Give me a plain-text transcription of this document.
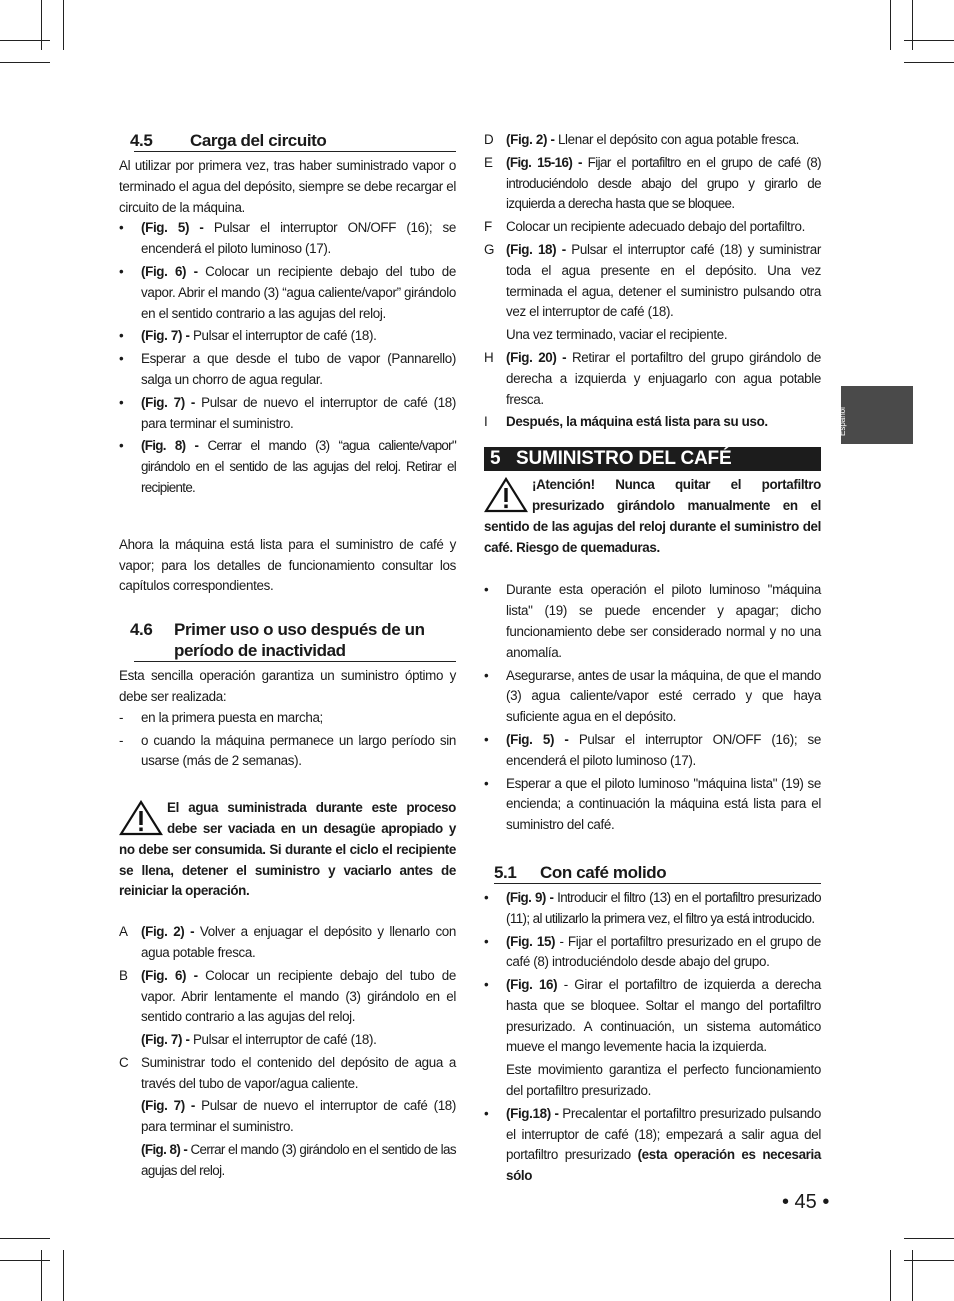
Español
4.5 Carga del circuito

Al utilizar por primera vez, tras haber suministrado vapor o terminado el agua del depósito, siempre se debe recargar el circuito de la máquina.

• (Fig. 5) - Pulsar el interruptor ON/OFF (16); se encenderá el piloto luminoso (17).
• (Fig. 6) - Colocar un recipiente debajo del tubo de vapor. Abrir el mando (3) “agua caliente/vapor” girándolo en el sentido contrario a las agujas del reloj.
• (Fig. 7) - Pulsar el interruptor de café (18).
• Esperar a que desde el tubo de vapor (Pannarello) salga un chorro de agua regular.
• (Fig. 7) - Pulsar de nuevo el interruptor de café (18) para terminar el suministro.
• (Fig. 8) - Cerrar el mando (3) “agua caliente/vapor" girándolo en el sentido de las agujas del reloj. Retirar el recipiente.

Ahora la máquina está lista para el suministro de café y vapor; para los detalles de funcionamiento consultar los capítulos correspondientes.

4.6 Primer uso o uso después de un período de inactividad

Esta sencilla operación garantiza un suministro óptimo y debe ser realizada:

- en la primera puesta en marcha;
- o cuando la máquina permanece un largo período sin usarse (más de 2 semanas).
El agua suministrada durante este proceso debe ser vaciada en un desagüe apropiado y no debe ser consumida. Si durante el ciclo el recipiente se llena, detener el suministro y vaciarlo antes de reiniciar la operación.
A (Fig. 2) - Volver a enjuagar el depósito y llenarlo con agua potable fresca.
B (Fig. 6) - Colocar un recipiente debajo del tubo de vapor. Abrir lentamente el mando (3) girándolo en el sentido contrario a las agujas del reloj.
(Fig. 7) - Pulsar el interruptor de café (18).
C Suministrar todo el contenido del depósito de agua a través del tubo de vapor/agua caliente.
(Fig. 7) - Pulsar de nuevo el interruptor de café (18) para terminar el suministro.
(Fig. 8) - Cerrar el mando (3) girándolo en el sentido de las agujas del reloj.
D (Fig. 2) - Llenar el depósito con agua potable fresca.
E (Fig. 15-16) - Fijar el portafiltro en el grupo de café (8) introduciéndolo desde abajo del grupo y girarlo de izquierda a derecha hasta que se bloquee.
F Colocar un recipiente adecuado debajo del portafiltro.
G (Fig. 18) - Pulsar el interruptor café (18) y suministrar toda el agua presente en el depósito. Una vez terminada el agua, detener el suministro pulsando otra vez el interruptor de café (18).
Una vez terminado, vaciar el recipiente.
H (Fig. 20) - Retirar el portafiltro del grupo girándolo de derecha a izquierda y enjuagarlo con agua potable fresca.
I Después, la máquina está lista para su uso.
5 SUMINISTRO DEL CAFÉ
¡Atención! Nunca quitar el portafiltro presurizado girándolo manualmente en el sentido de las agujas del reloj durante el suministro del café. Riesgo de quemaduras.
• Durante esta operación el piloto luminoso "máquina lista" (19) se puede encender y apagar; dicho funcionamiento debe ser considerado normal y no una anomalía.
• Asegurarse, antes de usar la máquina, de que el mando (3) agua caliente/vapor esté cerrado y que haya suficiente agua en el depósito.
• (Fig. 5) - Pulsar el interruptor ON/OFF (16); se encenderá el piloto luminoso (17).
• Esperar a que el piloto luminoso "máquina lista" (19) se encienda; a continuación la máquina está lista para el suministro del café.
5.1 Con café molido
• (Fig. 9) - Introducir el filtro (13) en el portafiltro presurizado (11); al utilizarlo la primera vez, el filtro ya está introducido.
• (Fig. 15) - Fijar el portafiltro presurizado en el grupo de café (8) introduciéndolo desde abajo del grupo.
• (Fig. 16) - Girar el portafiltro de izquierda a derecha hasta que se bloquee. Soltar el mango del portafiltro presurizado. A continuación, un sistema automático mueve el mango levemente hacia la izquierda.
Este movimiento garantiza el perfecto funcionamiento del portafiltro presurizado.
• (Fig.18) - Precalentar el portafiltro presurizado pulsando el interruptor de café (18); empezará a salir agua del portafiltro presurizado (esta operación es necesaria sólo
• 45 •
